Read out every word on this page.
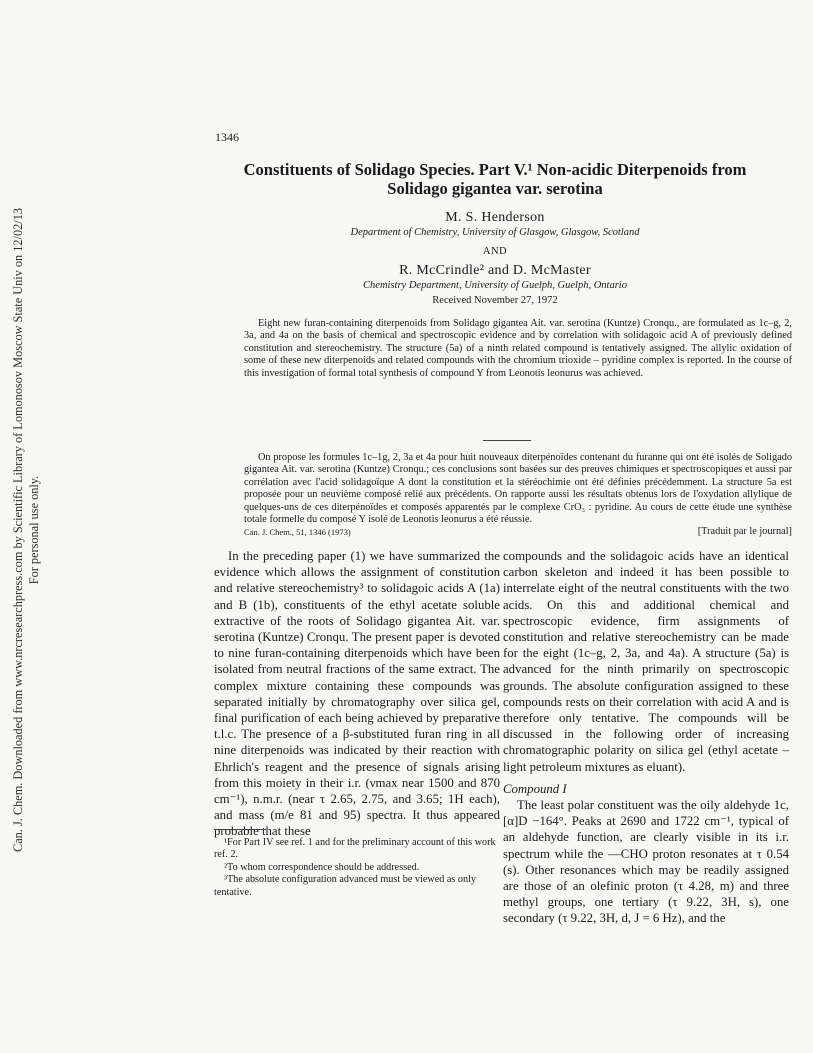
Can. J. Chem. Downloaded from www.nrcresearchpress.com by Scientific Library of Lomonosov Moscow State Univ on 12/02/13 For personal use only.
1346
Constituents of Solidago Species. Part V.¹ Non-acidic Diterpenoids from
Solidago gigantea var. serotina
M. S. Henderson
Department of Chemistry, University of Glasgow, Glasgow, Scotland
AND
R. McCrindle² and D. McMaster
Chemistry Department, University of Guelph, Guelph, Ontario
Received November 27, 1972

Eight new furan-containing diterpenoids from Solidago gigantea Ait. var. serotina (Kuntze) Cronqu., are formulated as 1c–g, 2, 3a, and 4a on the basis of chemical and spectroscopic evidence and by correlation with solidagoic acid A of previously defined constitution and stereochemistry. The structure (5a) of a ninth related compound is tentatively assigned. The allylic oxidation of some of these new diterpenoids and related compounds with the chromium trioxide – pyridine complex is reported. In the course of this investigation of formal total synthesis of compound Y from Leonotis leonurus was achieved.

On propose les formules 1c–1g, 2, 3a et 4a pour huit nouveaux diterpénoïdes contenant du furanne qui ont été isolés de Soligado gigantea Ait. var. serotina (Kuntze) Cronqu.; ces conclusions sont basées sur des preuves chimiques et spectroscopiques et aussi par corrélation avec l'acid solidagoïque A dont la constitution et la stéréochimie ont été définies précédemment. La structure 5a est proposée pour un neuvième composé relié aux précédents. On rapporte aussi les résultats obtenus lors de l'oxydation allylique de quelques-uns de ces diterpénoïdes et composés apparentés par le complexe CrO₃ : pyridine. Au cours de cette étude une synthèse totale formelle du composé Y isolé de Leonotis leonurus a été réussie.

[Traduit par le journal]
Can. J. Chem., 51, 1346 (1973)

In the preceding paper (1) we have summarized the evidence which allows the assignment of constitution and relative stereochemistry³ to solidagoic acids A (1a) and B (1b), constituents of the ethyl acetate soluble extractive of the roots of Solidago gigantea Ait. var. serotina (Kuntze) Cronqu. The present paper is devoted to nine furan-containing diterpenoids which have been isolated from neutral fractions of the same extract. The complex mixture containing these compounds was separated initially by chromatography over silica gel, final purification of each being achieved by preparative t.l.c. The presence of a β-substituted furan ring in all nine diterpenoids was indicated by their reaction with Ehrlich's reagent and the presence of signals arising from this moiety in their i.r. (νmax near 1500 and 870 cm⁻¹), n.m.r. (near τ 2.65, 2.75, and 3.65; 1H each), and mass (m/e 81 and 95) spectra. It thus appeared probable that these

compounds and the solidagoic acids have an identical carbon skeleton and indeed it has been possible to interrelate eight of the neutral constituents with the two acids. On this and additional chemical and spectroscopic evidence, firm assignments of constitution and relative stereochemistry can be made for the eight (1c–g, 2, 3a, and 4a). A structure (5a) is advanced for the ninth primarily on spectroscopic grounds. The absolute configuration assigned to these compounds rests on their correlation with acid A and is therefore only tentative. The compounds will be discussed in the following order of increasing chromatographic polarity on silica gel (ethyl acetate – light petroleum mixtures as eluant).

Compound I

The least polar constituent was the oily aldehyde 1c, [α]D −164°. Peaks at 2690 and 1722 cm⁻¹, typical of an aldehyde function, are clearly visible in its i.r. spectrum while the —CHO proton resonates at τ 0.54 (s). Other resonances which may be readily assigned are those of an olefinic proton (τ 4.28, m) and three methyl groups, one tertiary (τ 9.22, 3H, s), one secondary (τ 9.22, 3H, d, J = 6 Hz), and the

¹For Part IV see ref. 1 and for the preliminary account of this work ref. 2.

²To whom correspondence should be addressed.

³The absolute configuration advanced must be viewed as only tentative.
